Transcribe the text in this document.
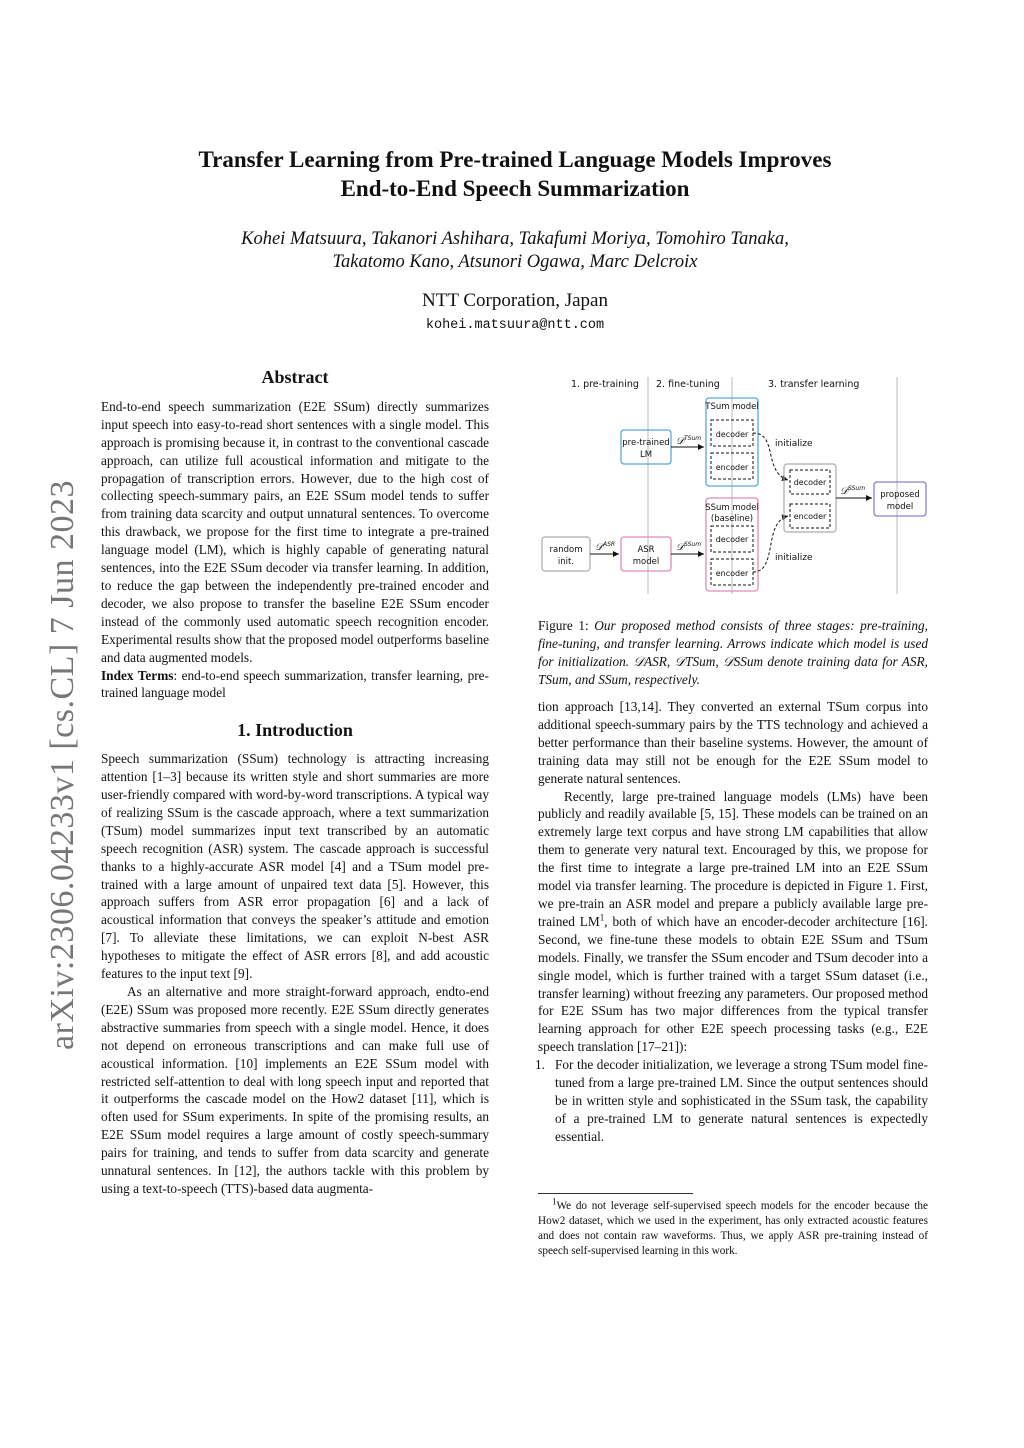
arXiv:2306.04233v1 [cs.CL] 7 Jun 2023
Transfer Learning from Pre-trained Language Models Improves
End-to-End Speech Summarization
Kohei Matsuura, Takanori Ashihara, Takafumi Moriya, Tomohiro Tanaka,
Takatomo Kano, Atsunori Ogawa, Marc Delcroix
NTT Corporation, Japan
kohei.matsuura@ntt.com
Abstract

End-to-end speech summarization (E2E SSum) directly summarizes input speech into easy-to-read short sentences with a single model. This approach is promising because it, in contrast to the conventional cascade approach, can utilize full acoustical information and mitigate to the propagation of transcription errors. However, due to the high cost of collecting speech-summary pairs, an E2E SSum model tends to suffer from training data scarcity and output unnatural sentences. To overcome this drawback, we propose for the first time to integrate a pre-trained language model (LM), which is highly capable of generating natural sentences, into the E2E SSum decoder via transfer learning. In addition, to reduce the gap between the independently pre-trained encoder and decoder, we also propose to transfer the baseline E2E SSum encoder instead of the commonly used automatic speech recognition encoder. Experimental results show that the proposed model outperforms baseline and data augmented models.

Index Terms: end-to-end speech summarization, transfer learning, pre-trained language model

1. Introduction

Speech summarization (SSum) technology is attracting increasing attention [1–3] because its written style and short summaries are more user-friendly compared with word-by-word transcriptions. A typical way of realizing SSum is the cascade approach, where a text summarization (TSum) model summarizes input text transcribed by an automatic speech recognition (ASR) system. The cascade approach is successful thanks to a highly-accurate ASR model [4] and a TSum model pre-trained with a large amount of unpaired text data [5]. However, this approach suffers from ASR error propagation [6] and a lack of acoustical information that conveys the speaker’s attitude and emotion [7]. To alleviate these limitations, we can exploit N-best ASR hypotheses to mitigate the effect of ASR errors [8], and add acoustic features to the input text [9].

As an alternative and more straight-forward approach, endto-end (E2E) SSum was proposed more recently. E2E SSum directly generates abstractive summaries from speech with a single model. Hence, it does not depend on erroneous transcriptions and can make full use of acoustical information. [10] implements an E2E SSum model with restricted self-attention to deal with long speech input and reported that it outperforms the cascade model on the How2 dataset [11], which is often used for SSum experiments. In spite of the promising results, an E2E SSum model requires a large amount of costly speech-summary pairs for training, and tends to suffer from data scarcity and generate unnatural sentences. In [12], the authors tackle with this problem by using a text-to-speech (TTS)-based data augmenta-

1. pre-training 2. fine-tuning	3. transfer learning
TSum model
decoder
encoder
pre-trained
LM
𝒟$^{TSum}$
random
init.
𝒟$^{ASR}$
ASR
model
𝒟$^{SSum}$
SSum model
(baseline)
decoder
encoder
initialize
initialize
decoder
encoder
𝒟$^{SSum}$
proposed
model
Figure 1: Our proposed method consists of three stages: pre-training, fine-tuning, and transfer learning. Arrows indicate which model is used for initialization. 𝒟ASR, 𝒟TSum, 𝒟SSum denote training data for ASR, TSum, and SSum, respectively.

tion approach [13,14]. They converted an external TSum corpus into additional speech-summary pairs by the TTS technology and achieved a better performance than their baseline systems. However, the amount of training data may still not be enough for the E2E SSum model to generate natural sentences.

Recently, large pre-trained language models (LMs) have been publicly and readily available [5, 15]. These models can be trained on an extremely large text corpus and have strong LM capabilities that allow them to generate very natural text. Encouraged by this, we propose for the first time to integrate a large pre-trained LM into an E2E SSum model via transfer learning. The procedure is depicted in Figure 1. First, we pre-train an ASR model and prepare a publicly available large pre-trained $LM^1$, both of which have an encoder-decoder architecture [16]. Second, we fine-tune these models to obtain E2E SSum and TSum models. Finally, we transfer the SSum encoder and TSum decoder into a single model, which is further trained with a target SSum dataset (i.e., transfer learning) without freezing any parameters. Our proposed method for E2E SSum has two major differences from the typical transfer learning approach for other E2E speech processing tasks (e.g., E2E speech translation [17–21]):

1. For the decoder initialization, we leverage a strong TSum model fine-tuned from a large pre-trained LM. Since the output sentences should be in written style and sophisticated in the SSum task, the capability of a pre-trained LM to generate natural sentences is expectedly essential.

$^1$We do not leverage self-supervised speech models for the encoder because the How2 dataset, which we used in the experiment, has only extracted acoustic features and does not contain raw waveforms. Thus, we apply ASR pre-training instead of speech self-supervised learning in this work.
